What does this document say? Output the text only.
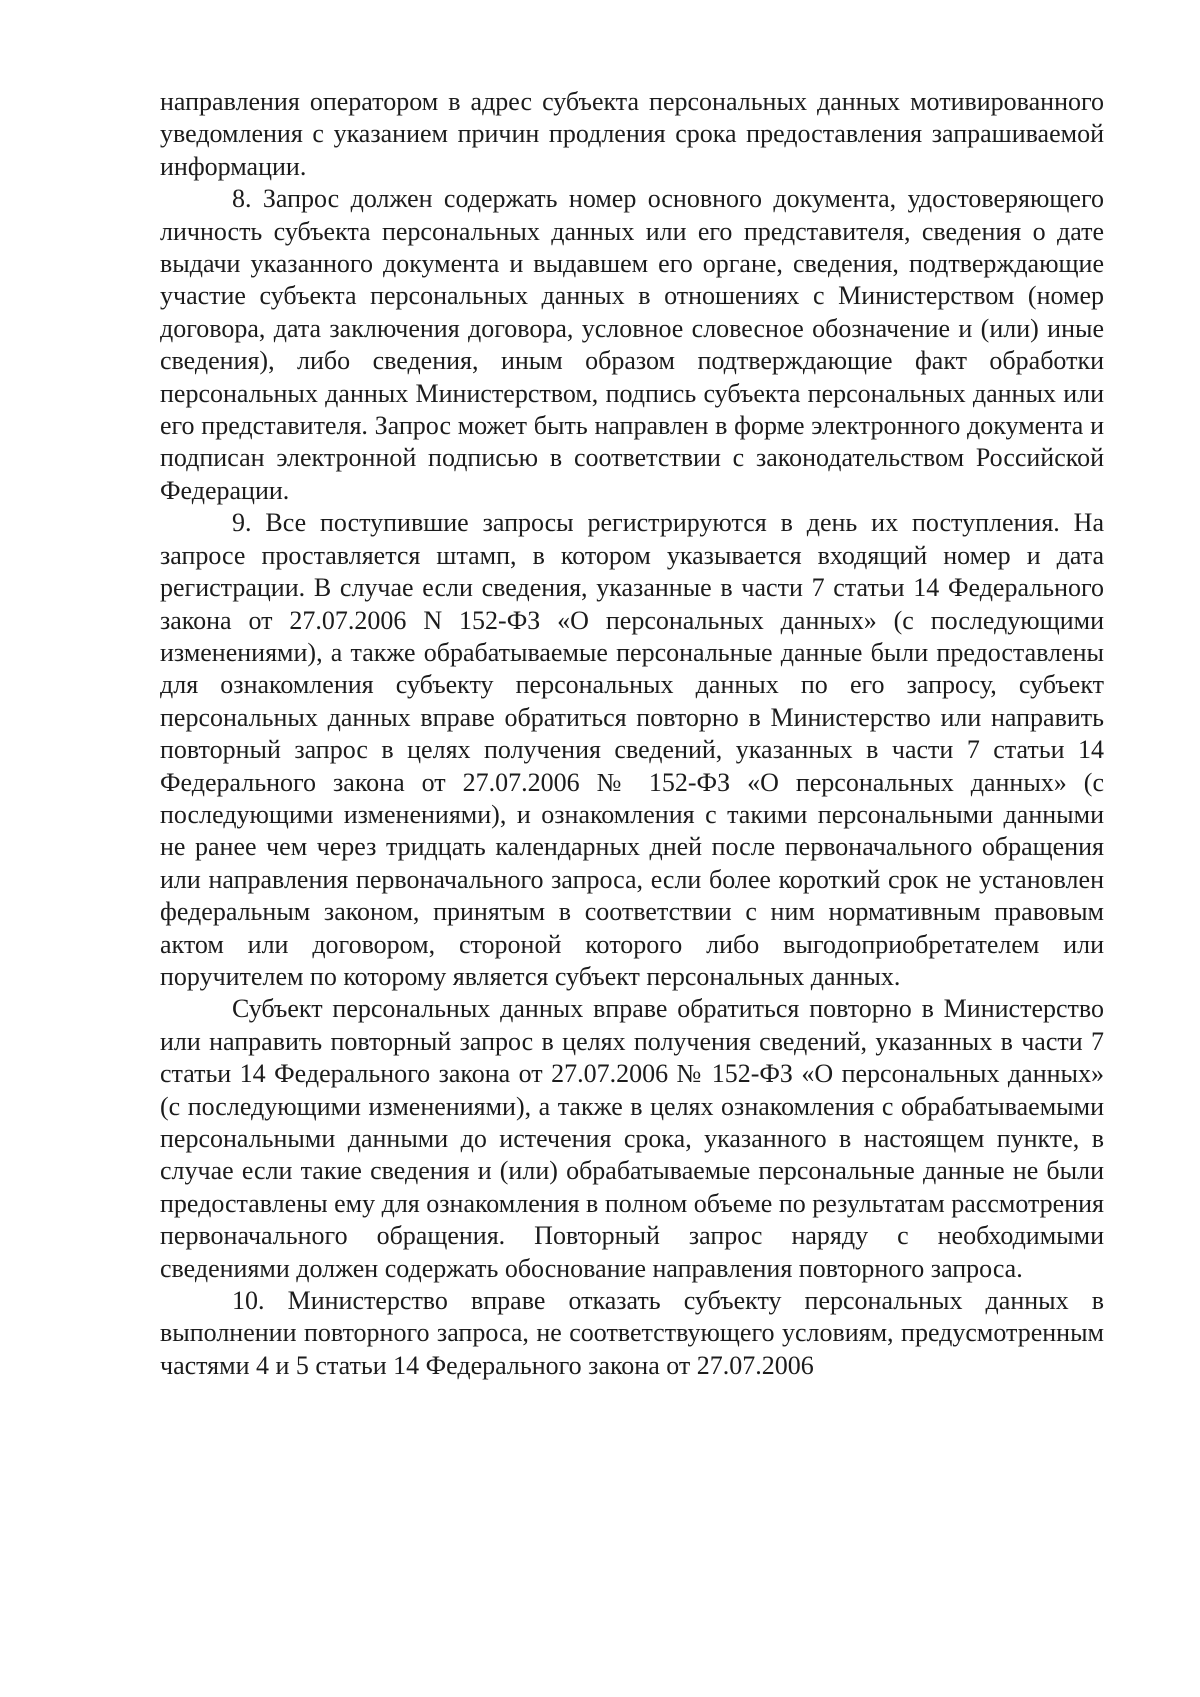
направления оператором в адрес субъекта персональных данных мотивированного уведомления с указанием причин продления срока предоставления запрашиваемой информации.

8. Запрос должен содержать номер основного документа, удостоверяющего личность субъекта персональных данных или его представителя, сведения о дате выдачи указанного документа и выдавшем его органе, сведения, подтверждающие участие субъекта персональных данных в отношениях с Министерством (номер договора, дата заключения договора, условное словесное обозначение и (или) иные сведения), либо сведения, иным образом подтверждающие факт обработки персональных данных Министерством, подпись субъекта персональных данных или его представителя. Запрос может быть направлен в форме электронного документа и подписан электронной подписью в соответствии с законодательством Российской Федерации.

9. Все поступившие запросы регистрируются в день их поступления. На запросе проставляется штамп, в котором указывается входящий номер и дата регистрации. В случае если сведения, указанные в части 7 статьи 14 Федерального закона от 27.07.2006 N 152-ФЗ «О персональных данных» (с последующими изменениями), а также обрабатываемые персональные данные были предоставлены для ознакомления субъекту персональных данных по его запросу, субъект персональных данных вправе обратиться повторно в Министерство или направить повторный запрос в целях получения сведений, указанных в части 7 статьи 14 Федерального закона от 27.07.2006 № 152-ФЗ «О персональных данных» (с последующими изменениями), и ознакомления с такими персональными данными не ранее чем через тридцать календарных дней после первоначального обращения или направления первоначального запроса, если более короткий срок не установлен федеральным законом, принятым в соответствии с ним нормативным правовым актом или договором, стороной которого либо выгодоприобретателем или поручителем по которому является субъект персональных данных.

Субъект персональных данных вправе обратиться повторно в Министерство или направить повторный запрос в целях получения сведений, указанных в части 7 статьи 14 Федерального закона от 27.07.2006 № 152-ФЗ «О персональных данных» (с последующими изменениями), а также в целях ознакомления с обрабатываемыми персональными данными до истечения срока, указанного в настоящем пункте, в случае если такие сведения и (или) обрабатываемые персональные данные не были предоставлены ему для ознакомления в полном объеме по результатам рассмотрения первоначального обращения. Повторный запрос наряду с необходимыми сведениями должен содержать обоснование направления повторного запроса.

10. Министерство вправе отказать субъекту персональных данных в выполнении повторного запроса, не соответствующего условиям, предусмотренным частями 4 и 5 статьи 14 Федерального закона от 27.07.2006
